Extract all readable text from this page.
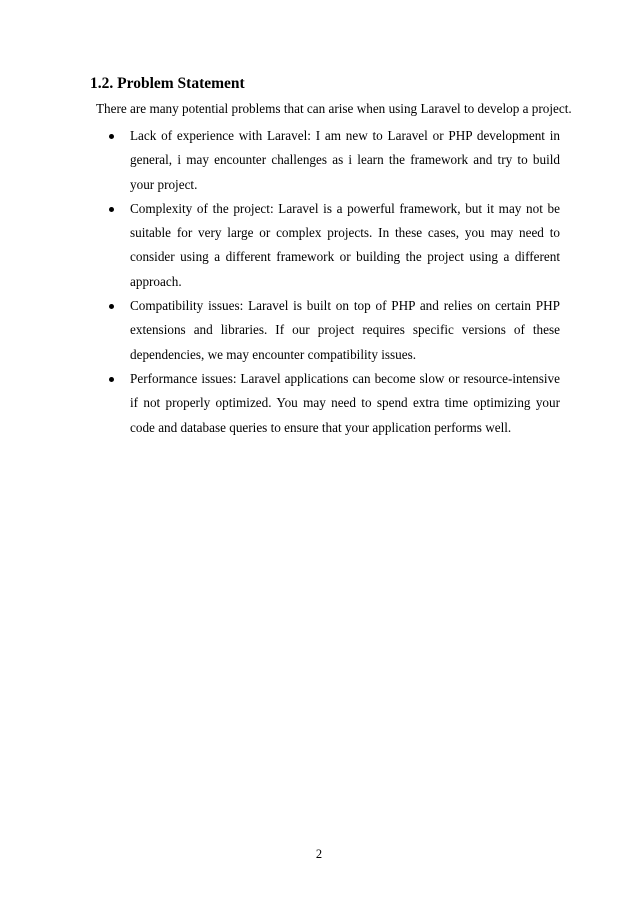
1.2. Problem Statement

There are many potential problems that can arise when using Laravel to develop a project.

Lack of experience with Laravel: I am new to Laravel or PHP development in general, i may encounter challenges as i learn the framework and try to build your project.
Complexity of the project: Laravel is a powerful framework, but it may not be suitable for very large or complex projects. In these cases, you may need to consider using a different framework or building the project using a different approach.
Compatibility issues: Laravel is built on top of PHP and relies on certain PHP extensions and libraries. If our project requires specific versions of these dependencies, we may encounter compatibility issues.
Performance issues: Laravel applications can become slow or resource-intensive if not properly optimized. You may need to spend extra time optimizing your code and database queries to ensure that your application performs well.
2
